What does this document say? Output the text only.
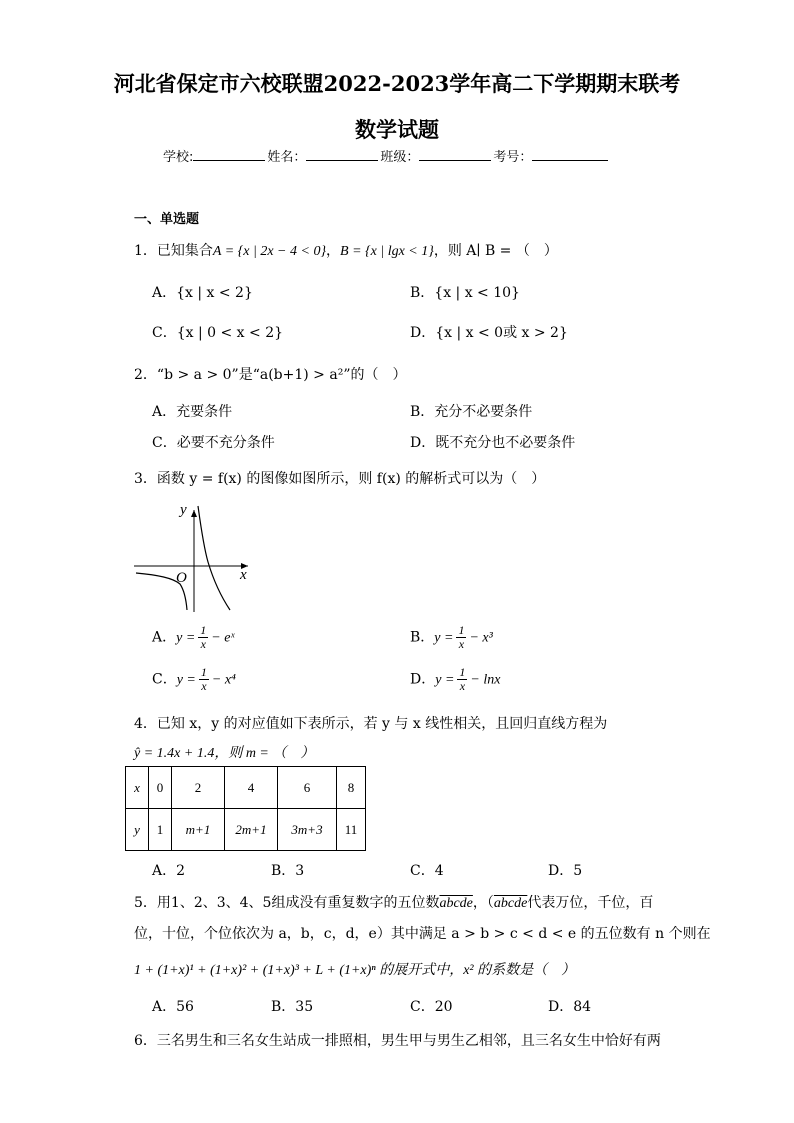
河北省保定市六校联盟2022-2023学年高二下学期期末联考
数学试题
学校:	姓名：	班级：	考号：
一、单选题
1．已知集合A = {x | 2x − 4 < 0}，B = {x | lgx < 1}，则 A∣ B = （　）
A．{x | x < 2}	B．{x | x < 10}
C．{x | 0 < x < 2}	D．{x | x < 0或 x > 2}
2．“b > a > 0”是“a(b+1) > a²”的（　）
A．充要条件	B．充分不必要条件
C．必要不充分条件	D．既不充分也不必要条件
3．函数 y = f(x) 的图像如图所示，则 f(x) 的解析式可以为（　）
y
x
O
A．$y = \frac{1}{x}$ − eˣ	B．$y = \frac{1}{x} - x^3$
C．$y = \frac{1}{x} - x^4$	D．$y = \frac{1}{x} - \ln x$
4．已知 x，y 的对应值如下表所示，若 y 与 x 线性相关，且回归直线方程为
ŷ = 1.4x + 1.4，则 m = （　）
x	0	2	4	6	8
y	1	m+1	2m+1	3m+3	11
A．2	B．3	C．4	D．5
5．用1、2、3、4、5组成没有重复数字的五位数abcde，（abcde代表万位，千位，百
位，十位，个位依次为 a，b，c，d，e）其中满足 a > b > c < d < e 的五位数有 n 个则在
1 + (1+x)¹ + (1+x)² + (1+x)³ + L + (1+x)ⁿ 的展开式中，x² 的系数是（　）
A．56	B．35	C．20	D．84
6．三名男生和三名女生站成一排照相，男生甲与男生乙相邻，且三名女生中恰好有两
